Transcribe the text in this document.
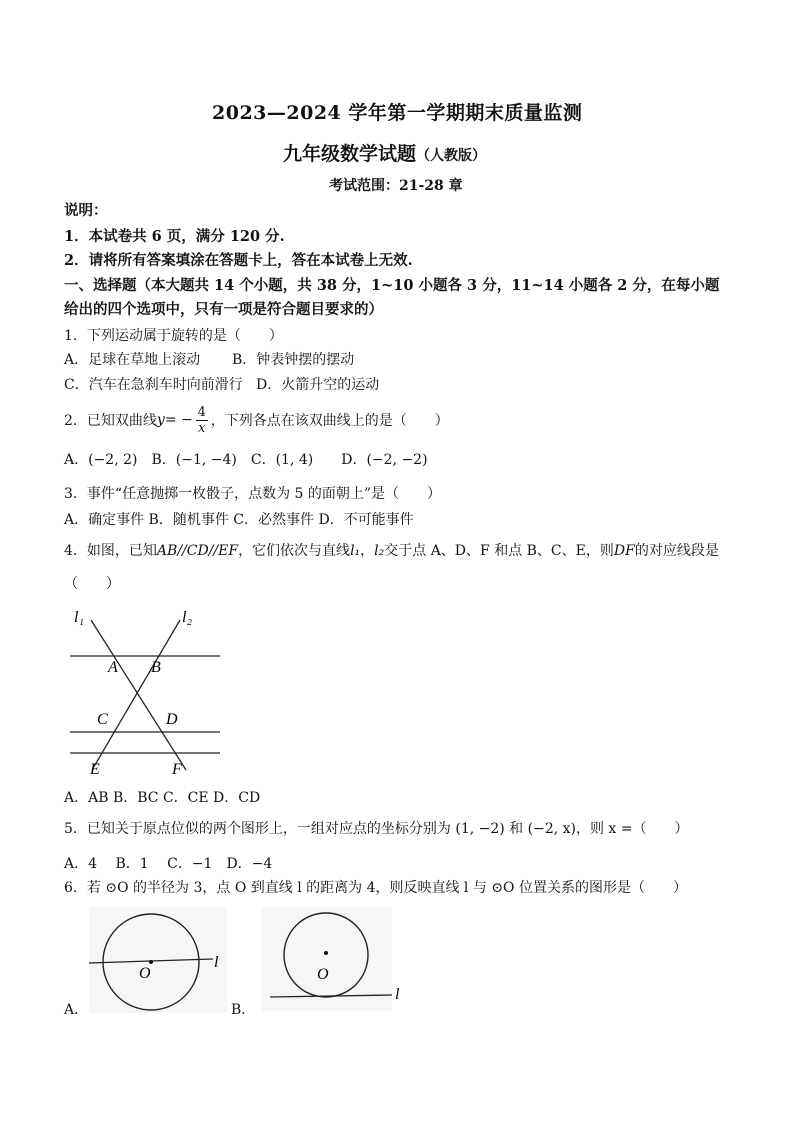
2023—2024 学年第一学期期末质量监测
九年级数学试题（人教版）
考试范围：21-28 章
说明：
1．本试卷共 6 页，满分 120 分.
2．请将所有答案填涂在答题卡上，答在本试卷上无效.
一、选择题（本大题共 14 个小题，共 38 分，1~10 小题各 3 分，11~14 小题各 2 分，在每小题
给出的四个选项中，只有一项是符合题目要求的）
1．下列运动属于旋转的是（　　）
A．足球在草地上滚动 B．钟表钟摆的摆动
C．汽车在急刹车时向前滑行 D．火箭升空的运动
2．已知双曲线 y = − 4
x ，下列各点在该双曲线上的是（　　）
A．(−2, 2)　B．(−1, −4)　C．(1, 4)　　D．(−2, −2)
3．事件“任意抛掷一枚骰子，点数为 5 的面朝上”是（　　）
A．确定事件 B．随机事件 C．必然事件 D．不可能事件
4．如图，已知AB//CD//EF，它们依次与直线l₁，l₂交于点 A、D、F 和点 B、C、E，则DF的对应线段是
（　　）
l₁	l₂
A B
C	D
E	F
A．AB B．BC C．CE D．CD
5．已知关于原点位似的两个图形上，一组对应点的坐标分别为 (1, −2) 和 (−2, x)，则 x =（　　）
A．4　 B．1　 C．−1　D．−4
6．若 ⊙O 的半径为 3，点 O 到直线 l 的距离为 4，则反映直线 l 与 ⊙O 位置关系的图形是（　　）
A．
O
l
B．
O
l
